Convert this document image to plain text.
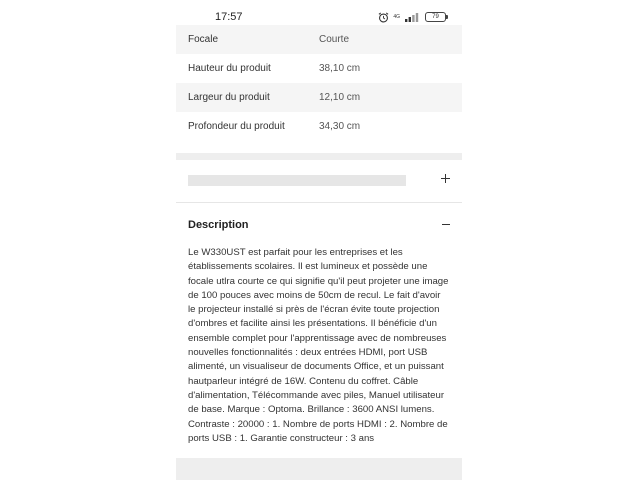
17:57	4G	79
Focale	Courte
Hauteur du produit	38,10 cm
Largeur du produit	12,10 cm
Profondeur du produit	34,30 cm
Description
Le W330UST est parfait pour les entreprises et les établissements scolaires. Il est lumineux et possède une focale utlra courte ce qui signifie qu'il peut projeter une image de 100 pouces avec moins de 50cm de recul. Le fait d'avoir le projecteur installé si près de l'écran évite toute projection d'ombres et facilite ainsi les présentations. Il bénéficie d'un ensemble complet pour l'apprentissage avec de nombreuses nouvelles fonctionnalités : deux entrées HDMI, port USB alimenté, un visualiseur de documents Office, et un puissant hautparleur intégré de 16W. Contenu du coffret. Câble d'alimentation, Télécommande avec piles, Manuel utilisateur de base. Marque : Optoma. Brillance : 3600 ANSI lumens. Contraste : 20000 : 1. Nombre de ports HDMI : 2. Nombre de ports USB : 1. Garantie constructeur : 3 ans
